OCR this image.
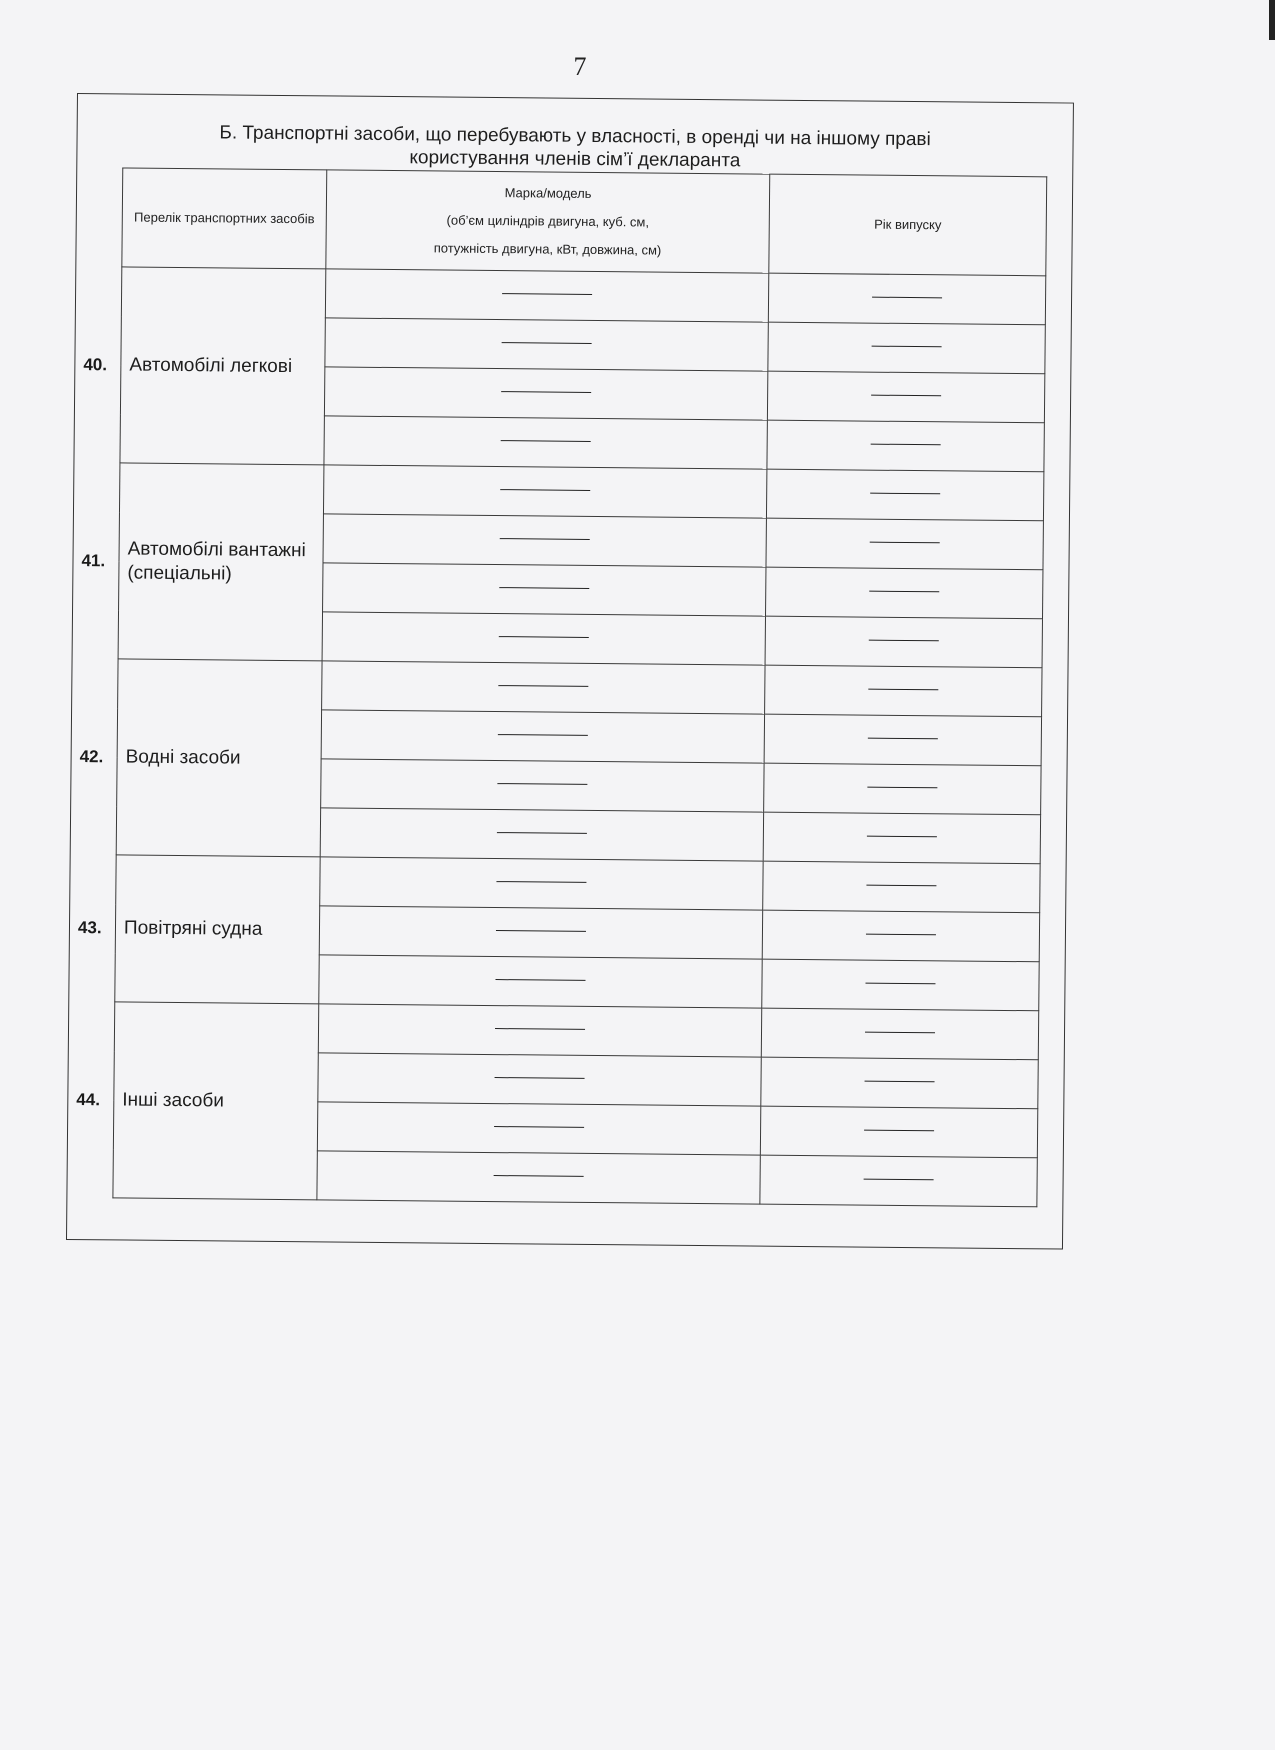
7
Б. Транспортні засоби, що перебувають у власності, в оренді чи на іншому праві
користування членів сім’ї декларанта
Перелік транспортних засобів	Марка/модель
(об’єм циліндрів двигуна, куб. см,
потужність двигуна, кВт, довжина, см)	Рік випуску

40. Автомобілі легкові		

41. Автомобілі вантажні
(спеціальні)		

42. Водні засоби		

43. Повітряні судна		

44. Інші засоби		
